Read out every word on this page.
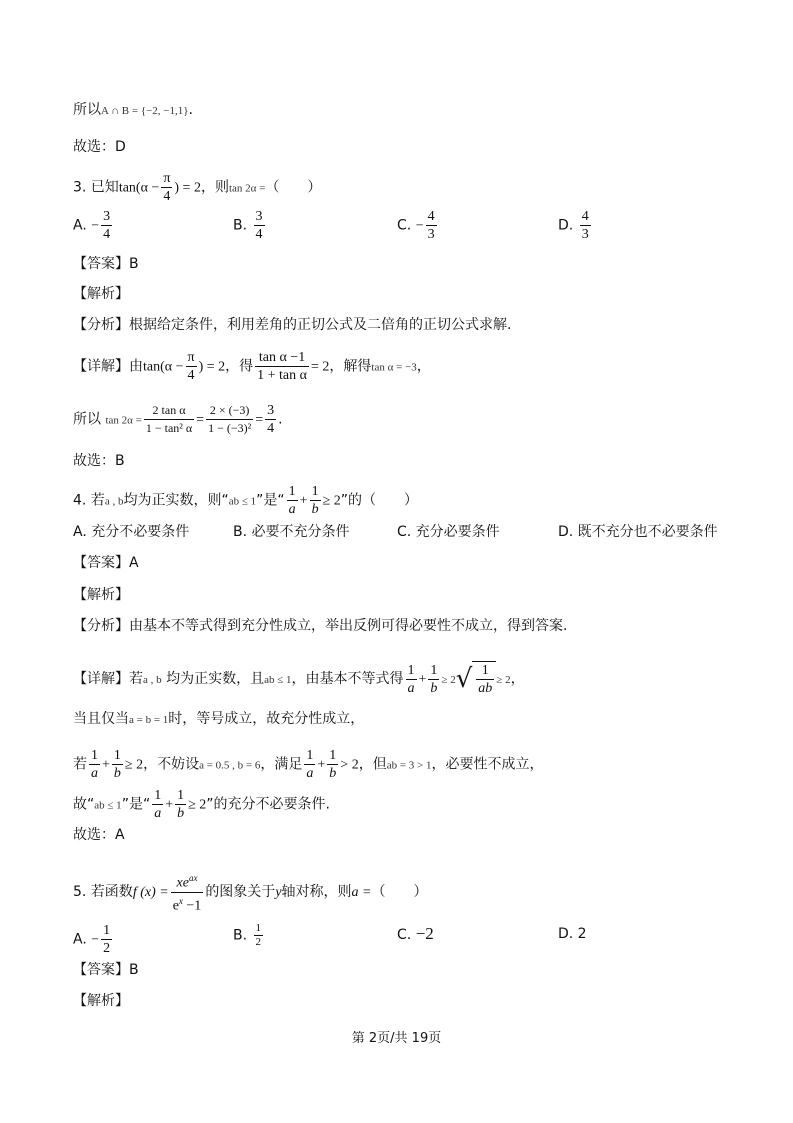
所以A ∩ B = {−2, −1,1}.
故选：D
3. 已知$\tan(\alpha - \frac{\pi}{4}$ ) = 2，则tan 2α =（　　）
A. − $\frac{3}{4}$	B. $\frac{3}{4}$	C. − $\frac{4}{3}$	D. $\frac{4}{3}$
【答案】B
【解析】
【分析】根据给定条件，利用差角的正切公式及二倍角的正切公式求解.
【详解】由$\tan(\alpha - \frac{\pi}{4}$ ) = 2，得 $\frac{\text{tan α −1}}{\text{1 + tan α}} = 2$，解得tan α = −3，
所以 $\tan 2\alpha = \frac{\text{2 tan α}}{\text{1 − tan² α}} = \frac{2 \times (-3)}{\text{1 − (−3)²}} = \frac{3}{4}$ .
故选：B
4. 若a , b均为正实数，则“ab ≤ 1”是“ $\frac{1}{a} + \frac{1}{b} \ge 2$”的（　　）
A. 充分不必要条件	B. 必要不充分条件	C. 充分必要条件	D. 既不充分也不必要条件
【答案】A
【解析】
【分析】由基本不等式得到充分性成立，举出反例可得必要性不成立，得到答案.
【详解】若a , b 均为正实数，且ab ≤ 1，由基本不等式得 $\frac{1}{a} + \frac{1}{b} \ge 2√ \frac{1}{ab} \ge 2$，
当且仅当a = b = 1时，等号成立，故充分性成立，
若 $\frac{1}{a} + \frac{1}{b} \ge 2$，不妨设a = 0.5 , b = 6，满足 $\frac{1}{a} + \frac{1}{b} > 2$，但ab = 3 > 1，必要性不成立，
故“ab ≤ 1”是“ $\frac{1}{a} + \frac{1}{b} \ge 2$”的充分不必要条件.
故选：A
5. 若函数f $(x) = \frac{xe^{ax}}{e^x -1}$ 的图象关于y轴对称，则a =（　　）
A. − $\frac{1}{2}$	B. $\frac{1}{2}$	C. −2	D. 2
【答案】B
【解析】
第 2页/共 19页
